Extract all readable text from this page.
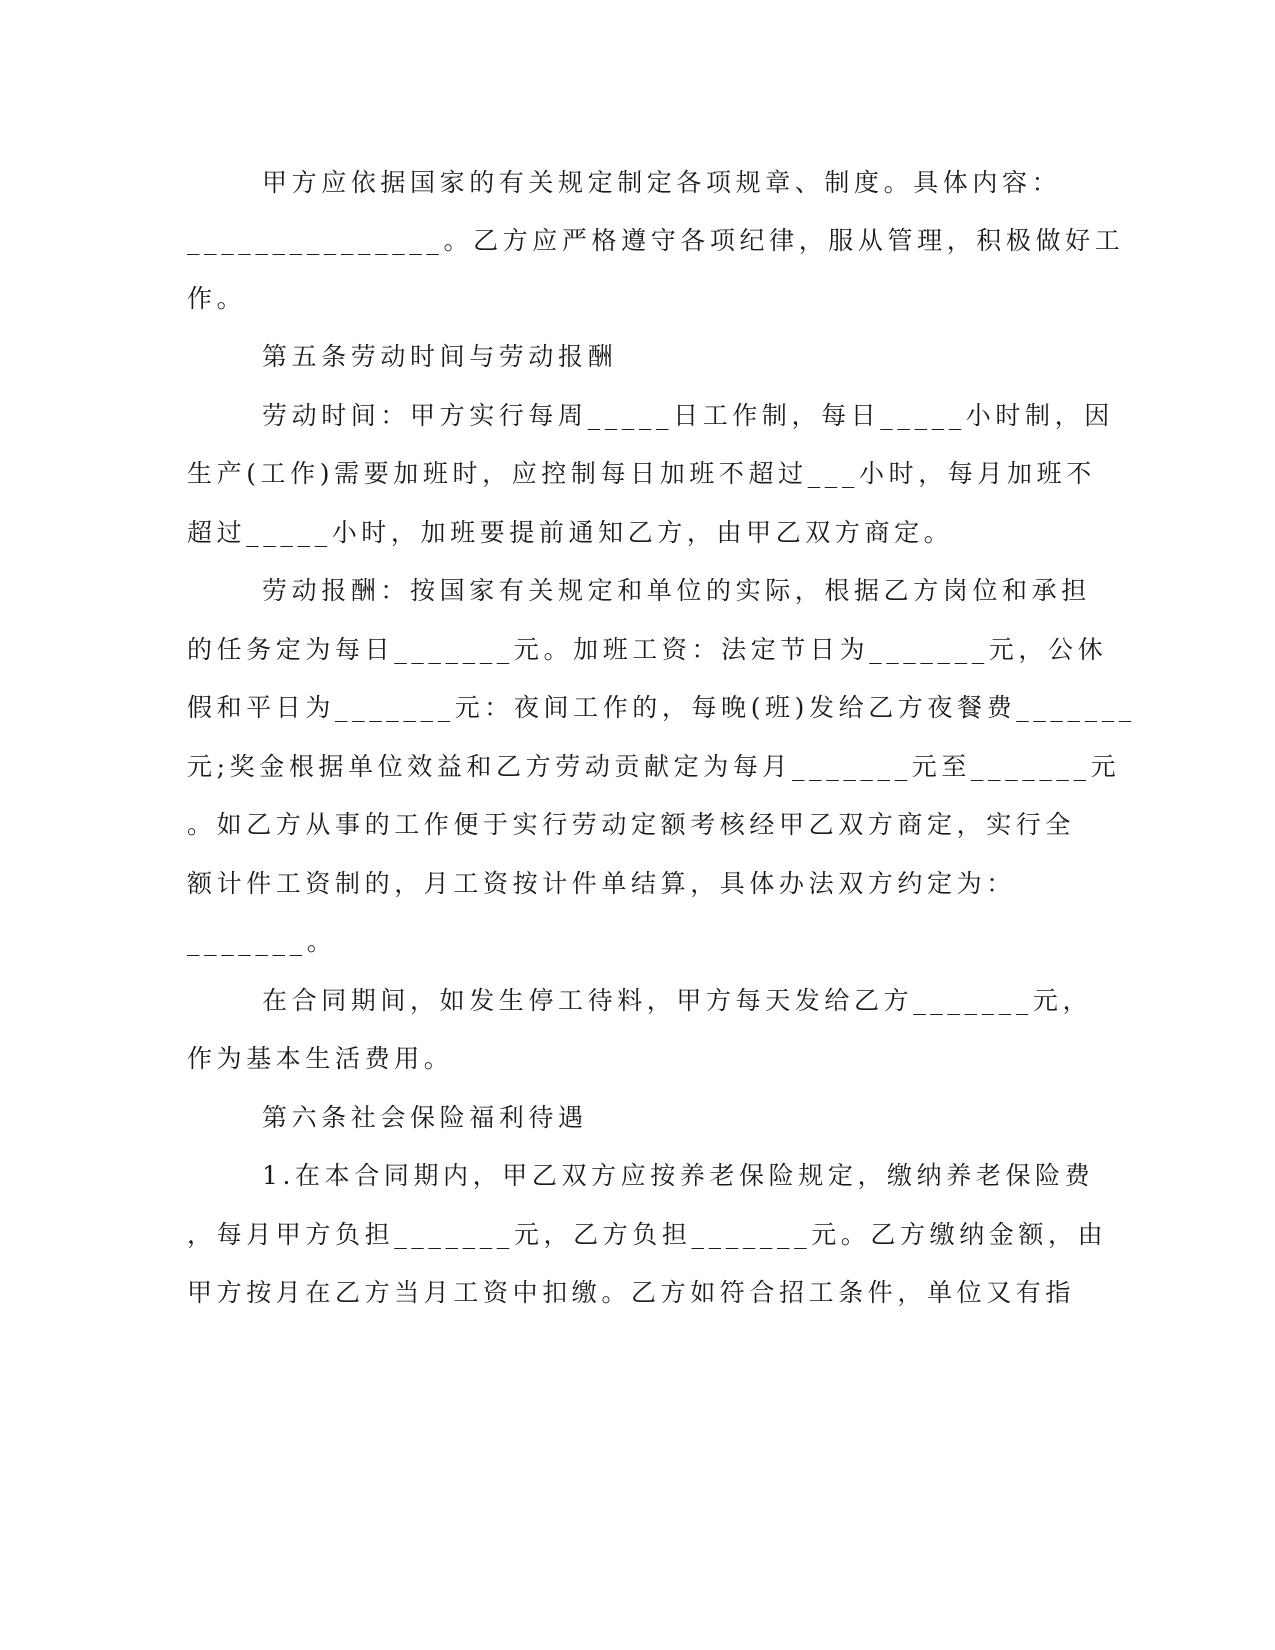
甲方应依据国家的有关规定制定各项规章、制度。具体内容：
_______________。乙方应严格遵守各项纪律，服从管理，积极做好工
作。
第五条劳动时间与劳动报酬
劳动时间：甲方实行每周_____日工作制，每日_____小时制，因
生产(工作)需要加班时，应控制每日加班不超过___小时，每月加班不
超过_____小时，加班要提前通知乙方，由甲乙双方商定。
劳动报酬：按国家有关规定和单位的实际，根据乙方岗位和承担
的任务定为每日_______元。加班工资：法定节日为_______元，公休
假和平日为_______元：夜间工作的，每晚(班)发给乙方夜餐费_______
元;奖金根据单位效益和乙方劳动贡献定为每月_______元至_______元
。如乙方从事的工作便于实行劳动定额考核经甲乙双方商定，实行全
额计件工资制的，月工资按计件单结算，具体办法双方约定为：
_______。
在合同期间，如发生停工待料，甲方每天发给乙方_______元，
作为基本生活费用。
第六条社会保险福利待遇
1.在本合同期内，甲乙双方应按养老保险规定，缴纳养老保险费
，每月甲方负担_______元，乙方负担_______元。乙方缴纳金额，由
甲方按月在乙方当月工资中扣缴。乙方如符合招工条件，单位又有指
